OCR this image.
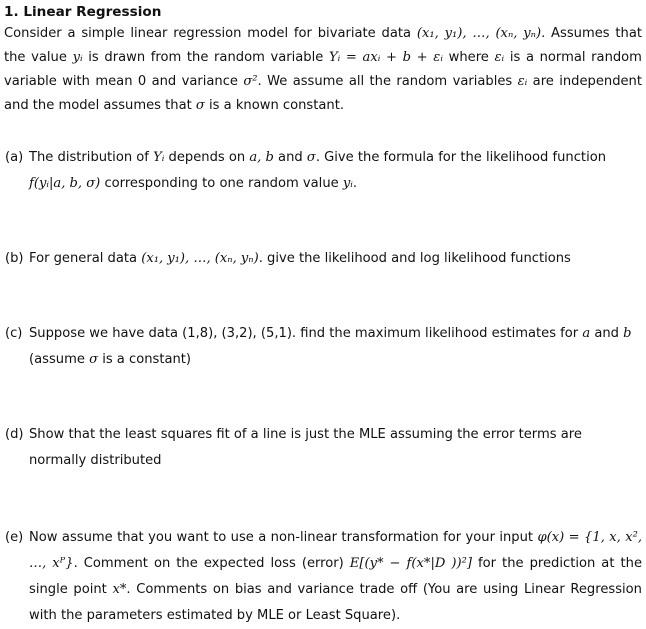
1. Linear Regression
Consider a simple linear regression model for bivariate data (x₁, y₁), …, (xₙ, yₙ). Assumes that the value yᵢ is drawn from the random variable Yᵢ = axᵢ + b + εᵢ where εᵢ is a normal random variable with mean 0 and variance σ². We assume all the random variables εᵢ are independent and the model assumes that σ is a known constant.
(a) The distribution of Yᵢ depends on a, b and σ. Give the formula for the likelihood function
f(yᵢ|a, b, σ) corresponding to one random value yᵢ.
(b) For general data (x₁, y₁), …, (xₙ, yₙ). give the likelihood and log likelihood functions
(c) Suppose we have data (1,8), (3,2), (5,1). find the maximum likelihood estimates for a and b
(assume σ is a constant)
(d) Show that the least squares fit of a line is just the MLE assuming the error terms are normally distributed
(e) Now assume that you want to use a non-linear transformation for your input φ(x) = {1, x, x², …, xᴾ}. Comment on the expected loss (error) E[(y* − f(x*|D ))²] for the prediction at the single point x*. Comments on bias and variance trade off (You are using Linear Regression with the parameters estimated by MLE or Least Square).
